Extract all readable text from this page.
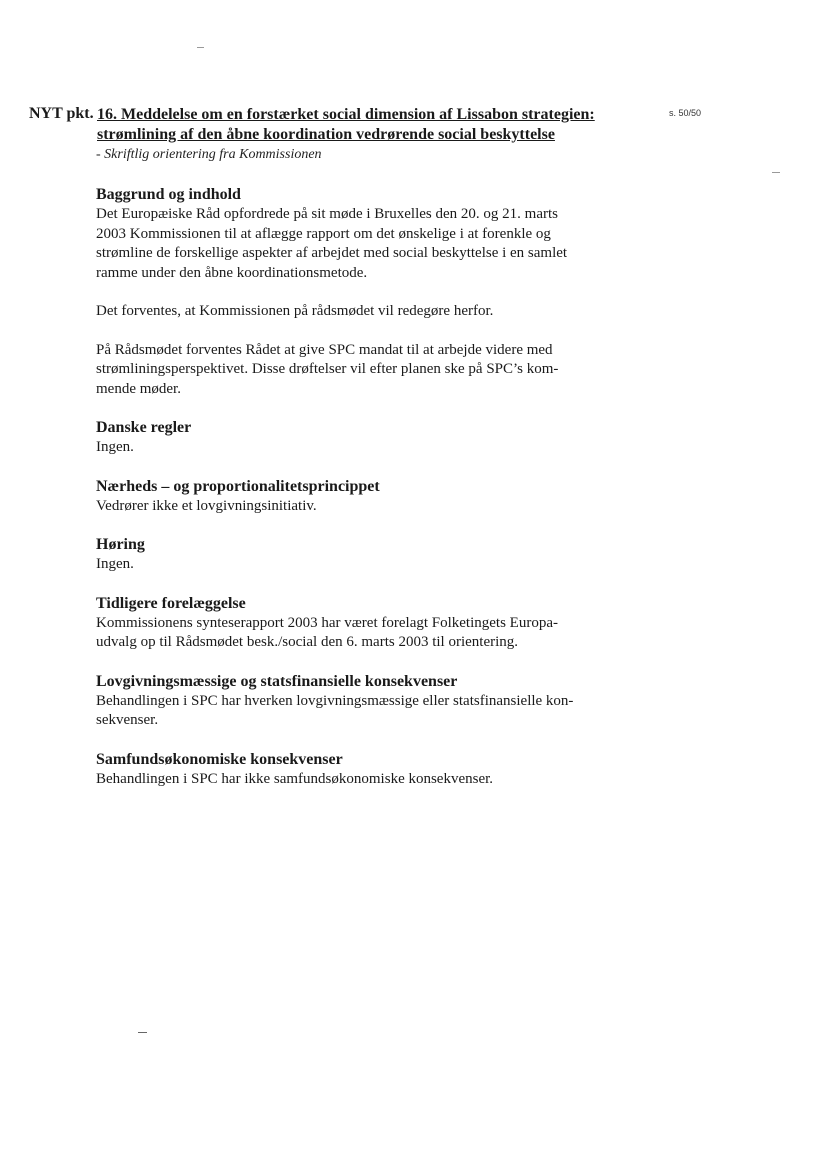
NYT pkt. 16. Meddelelse om en forstærket social dimension af Lissabon strategien:
strømlining af den åbne koordination vedrørende social beskyttelse
s. 50/50
- Skriftlig orientering fra Kommissionen
Baggrund og indhold
Det Europæiske Råd opfordrede på sit møde i Bruxelles den 20. og 21. marts
2003 Kommissionen til at aflægge rapport om det ønskelige i at forenkle og
strømline de forskellige aspekter af arbejdet med social beskyttelse i en samlet
ramme under den åbne koordinationsmetode.
Det forventes, at Kommissionen på rådsmødet vil redegøre herfor.
På Rådsmødet forventes Rådet at give SPC mandat til at arbejde videre med
strømliningsperspektivet. Disse drøftelser vil efter planen ske på SPC’s kom-
mende møder.
Danske regler
Ingen.
Nærheds – og proportionalitetsprincippet
Vedrører ikke et lovgivningsinitiativ.
Høring
Ingen.
Tidligere forelæggelse
Kommissionens synteserapport 2003 har været forelagt Folketingets Europa-
udvalg op til Rådsmødet besk./social den 6. marts 2003 til orientering.
Lovgivningsmæssige og statsfinansielle konsekvenser
Behandlingen i SPC har hverken lovgivningsmæssige eller statsfinansielle kon-
sekvenser.
Samfundsøkonomiske konsekvenser
Behandlingen i SPC har ikke samfundsøkonomiske konsekvenser.
